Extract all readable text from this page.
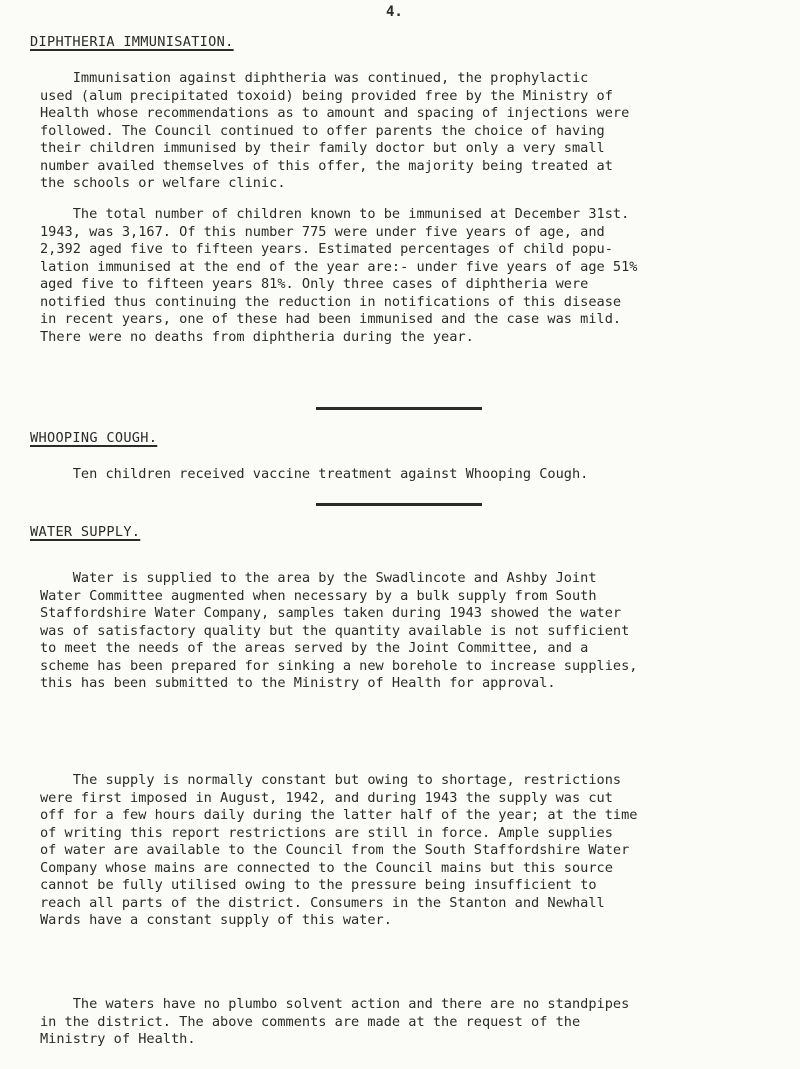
4.
DIPHTHERIA IMMUNISATION.
Immunisation against diphtheria was continued, the prophylactic
used (alum precipitated toxoid) being provided free by the Ministry of
Health whose recommendations as to amount and spacing of injections were
followed. The Council continued to offer parents the choice of having
their children immunised by their family doctor but only a very small
number availed themselves of this offer, the majority being treated at
the schools or welfare clinic.
The total number of children known to be immunised at December 31st.
1943, was 3,167. Of this number 775 were under five years of age, and
2,392 aged five to fifteen years. Estimated percentages of child popu-
lation immunised at the end of the year are:- under five years of age 51%
aged five to fifteen years 81%. Only three cases of diphtheria were
notified thus continuing the reduction in notifications of this disease
in recent years, one of these had been immunised and the case was mild.
There were no deaths from diphtheria during the year.
WHOOPING COUGH.
Ten children received vaccine treatment against Whooping Cough.
WATER SUPPLY.
Water is supplied to the area by the Swadlincote and Ashby Joint
Water Committee augmented when necessary by a bulk supply from South
Staffordshire Water Company, samples taken during 1943 showed the water
was of satisfactory quality but the quantity available is not sufficient
to meet the needs of the areas served by the Joint Committee, and a
scheme has been prepared for sinking a new borehole to increase supplies,
this has been submitted to the Ministry of Health for approval.
The supply is normally constant but owing to shortage, restrictions
were first imposed in August, 1942, and during 1943 the supply was cut
off for a few hours daily during the latter half of the year; at the time
of writing this report restrictions are still in force. Ample supplies
of water are available to the Council from the South Staffordshire Water
Company whose mains are connected to the Council mains but this source
cannot be fully utilised owing to the pressure being insufficient to
reach all parts of the district. Consumers in the Stanton and Newhall
Wards have a constant supply of this water.
The waters have no plumbo solvent action and there are no standpipes
in the district. The above comments are made at the request of the
Ministry of Health.
